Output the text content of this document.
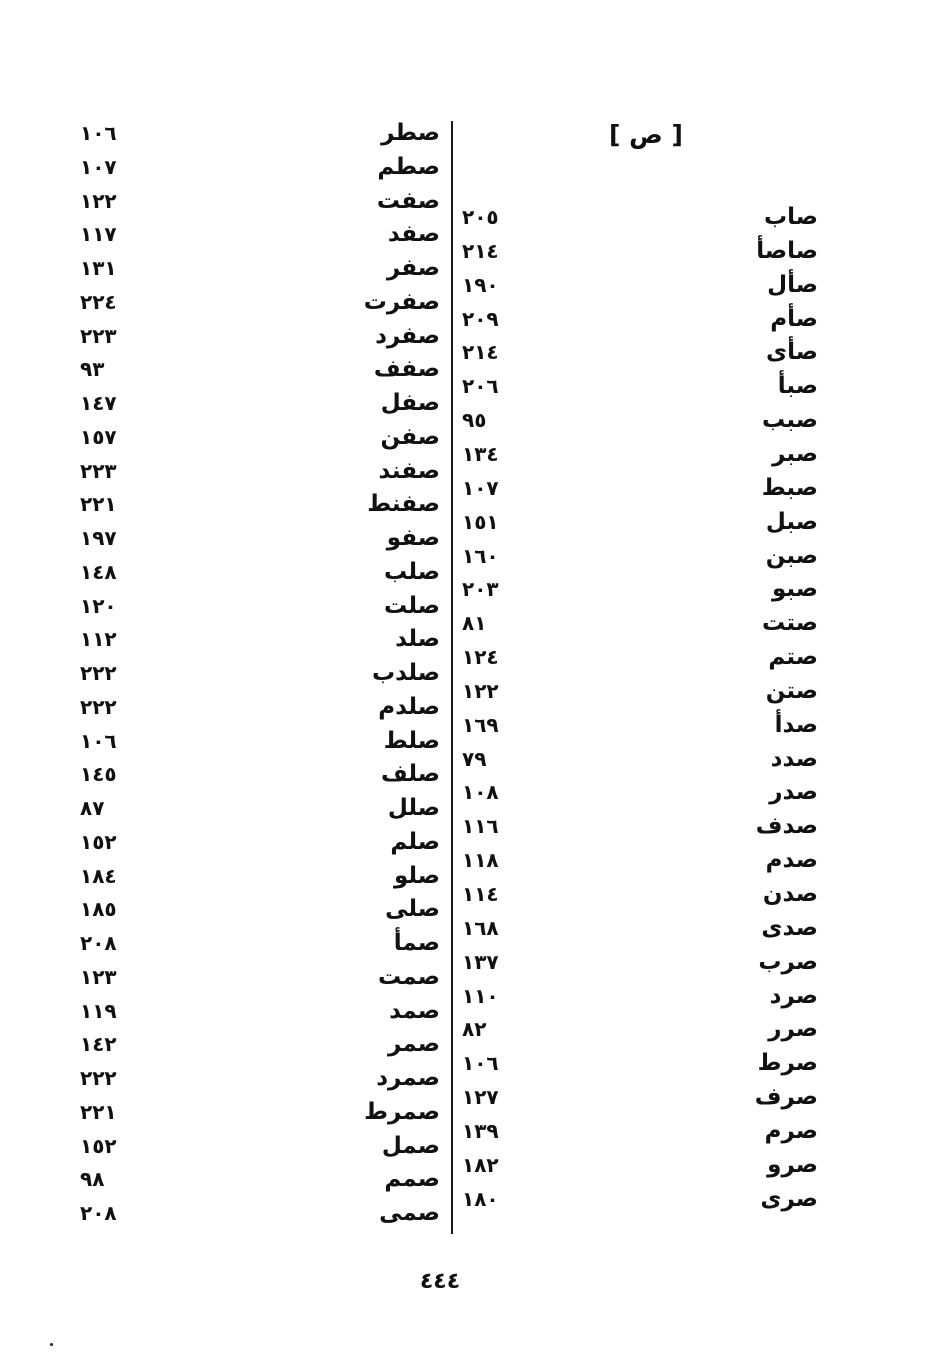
[ ص ]
صاب
٢٠٥
صاصأ
٢١٤
صأل
١٩٠
صأم
٢٠٩
صأى
٢١٤
صبأ
٢٠٦
صبب
٩٥
صبر
١٣٤
صبط
١٠٧
صبل
١٥١
صبن
١٦٠
صبو
٢٠٣
صتت
٨١
صتم
١٢٤
صتن
١٢٢
صدأ
١٦٩
صدد
٧٩
صدر
١٠٨
صدف
١١٦
صدم
١١٨
صدن
١١٤
صدى
١٦٨
صرب
١٣٧
صرد
١١٠
صرر
٨٢
صرط
١٠٦
صرف
١٢٧
صرم
١٣٩
صرو
١٨٢
صرى
١٨٠
صطر
١٠٦
صطم
١٠٧
صفت
١٢٢
صفد
١١٧
صفر
١٣١
صفرت
٢٢٤
صفرد
٢٢٣
صفف
٩٣
صفل
١٤٧
صفن
١٥٧
صفند
٢٢٣
صفنط
٢٢١
صفو
١٩٧
صلب
١٤٨
صلت
١٢٠
صلد
١١٢
صلدب
٢٢٢
صلدم
٢٢٢
صلط
١٠٦
صلف
١٤٥
صلل
٨٧
صلم
١٥٢
صلو
١٨٤
صلى
١٨٥
صمأ
٢٠٨
صمت
١٢٣
صمد
١١٩
صمر
١٤٢
صمرد
٢٢٢
صمرط
٢٢١
صمل
١٥٢
صمم
٩٨
صمى
٢٠٨
٤٤٤
